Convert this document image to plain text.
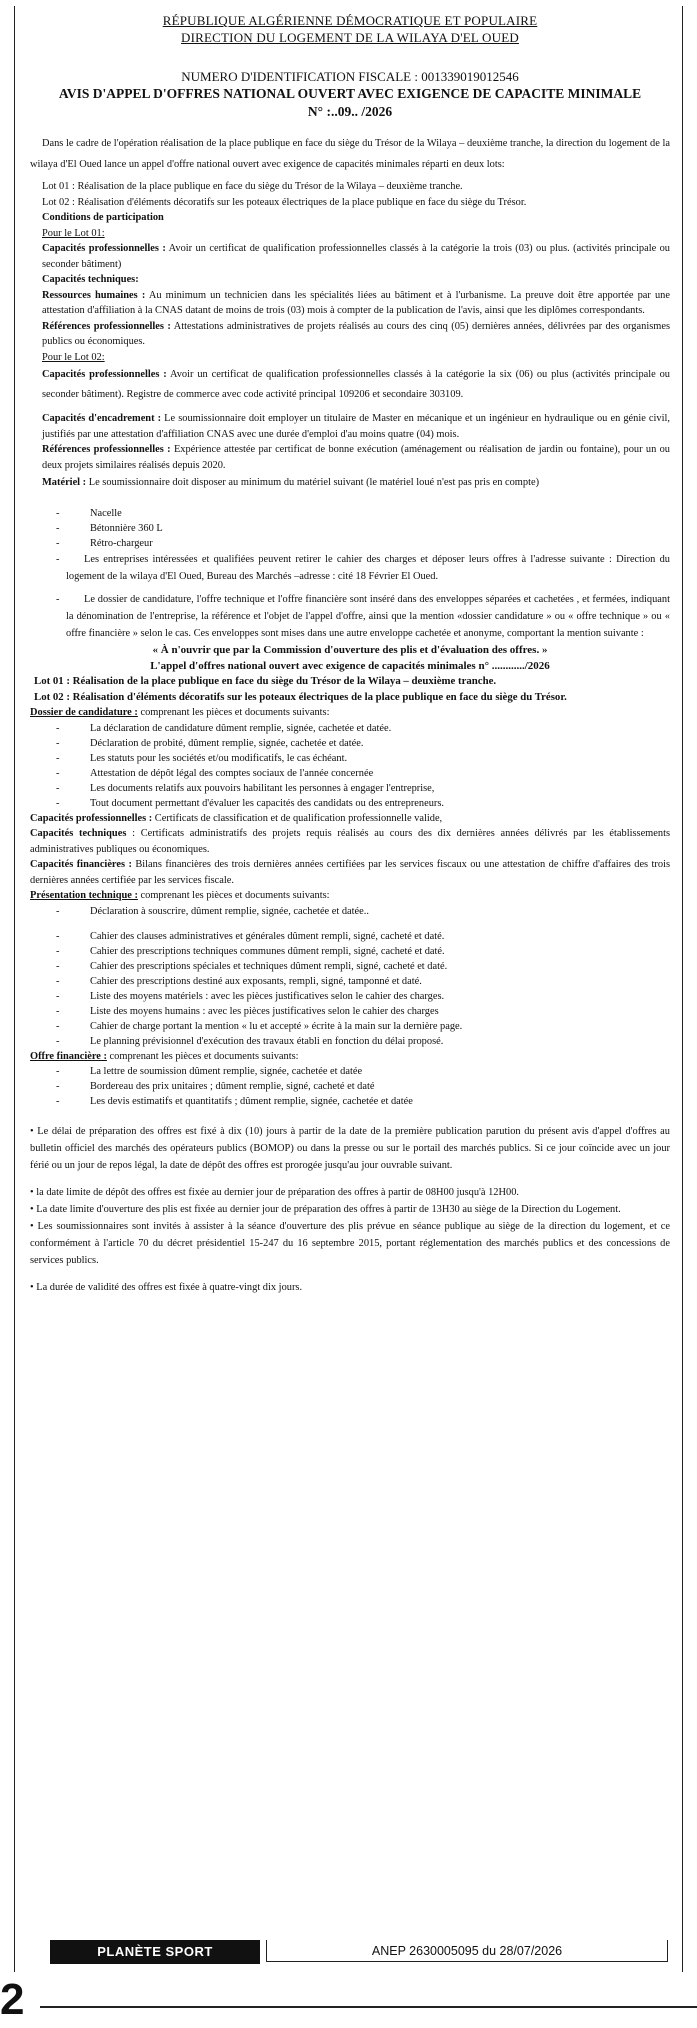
RÉPUBLIQUE ALGÉRIENNE DÉMOCRATIQUE ET POPULAIRE
DIRECTION DU LOGEMENT DE LA WILAYA D'EL OUED
NUMERO D'IDENTIFICATION FISCALE : 001339019012546
AVIS D'APPEL D'OFFRES NATIONAL OUVERT AVEC EXIGENCE DE CAPACITE MINIMALE
N° :..09.. /2026

Dans le cadre de l'opération réalisation de la place publique en face du siège du Trésor de la Wilaya – deuxième tranche, la direction du logement de la wilaya d'El Oued lance un appel d'offre national ouvert avec exigence de capacités minimales réparti en deux lots:

Lot 01 : Réalisation de la place publique en face du siège du Trésor de la Wilaya – deuxième tranche.

Lot 02 : Réalisation d'éléments décoratifs sur les poteaux électriques de la place publique en face du siège du Trésor.

Conditions de participation

Pour le Lot 01:

Capacités professionnelles : Avoir un certificat de qualification professionnelles classés à la catégorie la trois (03) ou plus. (activités principale ou seconder bâtiment)

Capacités techniques:

Ressources humaines : Au minimum un technicien dans les spécialités liées au bâtiment et à l'urbanisme. La preuve doit être apportée par une attestation d'affiliation à la CNAS datant de moins de trois (03) mois à compter de la publication de l'avis, ainsi que les diplômes correspondants.

Références professionnelles : Attestations administratives de projets réalisés au cours des cinq (05) dernières années, délivrées par des organismes publics ou économiques.

Pour le Lot 02:

Capacités professionnelles : Avoir un certificat de qualification professionnelles classés à la catégorie la six (06) ou plus (activités principale ou seconder bâtiment). Registre de commerce avec code activité principal 109206 et secondaire 303109.

Capacités d'encadrement : Le soumissionnaire doit employer un titulaire de Master en mécanique et un ingénieur en hydraulique ou en génie civil, justifiés par une attestation d'affiliation CNAS avec une durée d'emploi d'au moins quatre (04) mois.

Références professionnelles : Expérience attestée par certificat de bonne exécution (aménagement ou réalisation de jardin ou fontaine), pour un ou deux projets similaires réalisés depuis 2020.

Matériel : Le soumissionnaire doit disposer au minimum du matériel suivant (le matériel loué n'est pas pris en compte)

- Nacelle
- Bétonnière 360 L
- Rétro-chargeur

- Les entreprises intéressées et qualifiées peuvent retirer le cahier des charges et déposer leurs offres à l'adresse suivante : Direction du logement de la wilaya d'El Oued, Bureau des Marchés –adresse : cité 18 Février El Oued.

- Le dossier de candidature, l'offre technique et l'offre financière sont inséré dans des enveloppes séparées et cachetées , et fermées, indiquant la dénomination de l'entreprise, la référence et l'objet de l'appel d'offre, ainsi que la mention «dossier candidature » ou « offre technique » ou « offre financière » selon le cas. Ces enveloppes sont mises dans une autre enveloppe cachetée et anonyme, comportant la mention suivante :

« À n'ouvrir que par la Commission d'ouverture des plis et d'évaluation des offres. »

L'appel d'offres national ouvert avec exigence de capacités minimales n° ............/2026

Lot 01 : Réalisation de la place publique en face du siège du Trésor de la Wilaya – deuxième tranche.

Lot 02 : Réalisation d'éléments décoratifs sur les poteaux électriques de la place publique en face du siège du Trésor.

Dossier de candidature : comprenant les pièces et documents suivants:

- La déclaration de candidature dûment remplie, signée, cachetée et datée.
- Déclaration de probité, dûment remplie, signée, cachetée et datée.
- Les statuts pour les sociétés et/ou modificatifs, le cas échéant.
- Attestation de dépôt légal des comptes sociaux de l'année concernée
- Les documents relatifs aux pouvoirs habilitant les personnes à engager l'entreprise,
- Tout document permettant d'évaluer les capacités des candidats ou des entrepreneurs.

Capacités professionnelles : Certificats de classification et de qualification professionnelle valide,

Capacités techniques : Certificats administratifs des projets requis réalisés au cours des dix dernières années délivrés par les établissements administratives publiques ou économiques.

Capacités financières : Bilans financières des trois dernières années certifiées par les services fiscaux ou une attestation de chiffre d'affaires des trois dernières années certifiée par les services fiscale.

Présentation technique : comprenant les pièces et documents suivants:

- Déclaration à souscrire, dûment remplie, signée, cachetée et datée..
- Cahier des clauses administratives et générales dûment rempli, signé, cacheté et daté.
- Cahier des prescriptions techniques communes dûment rempli, signé, cacheté et daté.
- Cahier des prescriptions spéciales et techniques dûment rempli, signé, cacheté et daté.
- Cahier des prescriptions destiné aux exposants, rempli, signé, tamponné et daté.
- Liste des moyens matériels : avec les pièces justificatives selon le cahier des charges.
- Liste des moyens humains : avec les pièces justificatives selon le cahier des charges
- Cahier de charge portant la mention « lu et accepté » écrite à la main sur la dernière page.
- Le planning prévisionnel d'exécution des travaux établi en fonction du délai proposé.

Offre financière : comprenant les pièces et documents suivants:

- La lettre de soumission dûment remplie, signée, cachetée et datée
- Bordereau des prix unitaires ; dûment remplie, signé, cacheté et daté
- Les devis estimatifs et quantitatifs ; dûment remplie, signée, cachetée et datée

• Le délai de préparation des offres est fixé à dix (10) jours à partir de la date de la première publication parution du présent avis d'appel d'offres au bulletin officiel des marchés des opérateurs publics (BOMOP) ou dans la presse ou sur le portail des marchés publics. Si ce jour coïncide avec un jour férié ou un jour de repos légal, la date de dépôt des offres est prorogée jusqu'au jour ouvrable suivant.

• la date limite de dépôt des offres est fixée au dernier jour de préparation des offres à partir de 08H00 jusqu'à 12H00.

• La date limite d'ouverture des plis est fixée au dernier jour de préparation des offres à partir de 13H30 au siège de la Direction du Logement.

• Les soumissionnaires sont invités à assister à la séance d'ouverture des plis prévue en séance publique au siège de la direction du logement, et ce conformément à l'article 70 du décret présidentiel 15-247 du 16 septembre 2015, portant réglementation des marchés publics et des concessions de services publics.

• La durée de validité des offres est fixée à quatre-vingt dix jours.

PLANÈTE SPORT	ANEP 2630005095 du 28/07/2026
2
